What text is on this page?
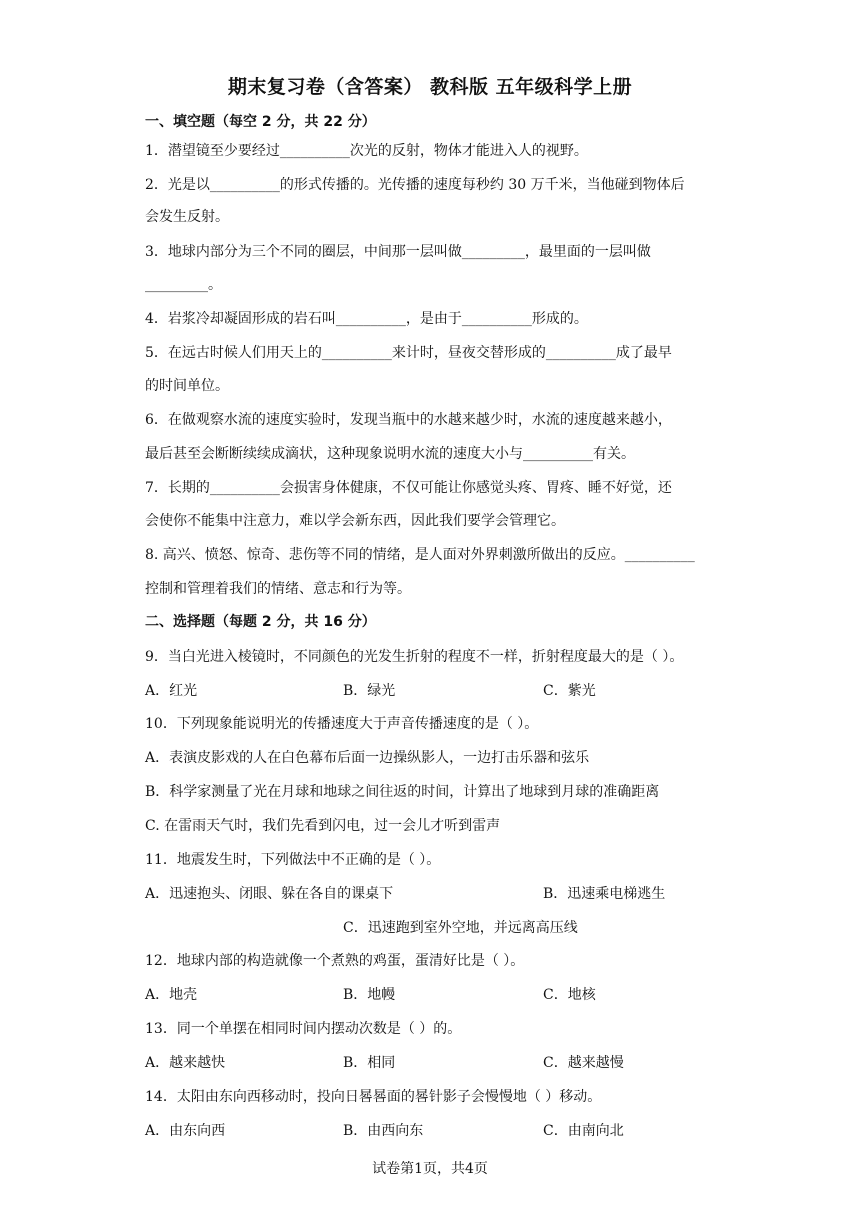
期末复习卷（含答案） 教科版 五年级科学上册
一、填空题（每空 2 分，共 22 分）
1．潜望镜至少要经过__________次光的反射，物体才能进入人的视野。
2．光是以__________的形式传播的。光传播的速度每秒约 30 万千米，当他碰到物体后
会发生反射。
3．地球内部分为三个不同的圈层，中间那一层叫做_________，最里面的一层叫做
_________。
4．岩浆冷却凝固形成的岩石叫__________，是由于__________形成的。
5．在远古时候人们用天上的__________来计时，昼夜交替形成的__________成了最早
的时间单位。
6．在做观察水流的速度实验时，发现当瓶中的水越来越少时，水流的速度越来越小，
最后甚至会断断续续成滴状，这种现象说明水流的速度大小与__________有关。
7．长期的__________会损害身体健康，不仅可能让你感觉头疼、胃疼、睡不好觉，还
会使你不能集中注意力，难以学会新东西，因此我们要学会管理它。
8. 高兴、愤怒、惊奇、悲伤等不同的情绪，是人面对外界刺激所做出的反应。__________
控制和管理着我们的情绪、意志和行为等。
二、选择题（每题 2 分，共 16 分）
9．当白光进入棱镜时，不同颜色的光发生折射的程度不一样，折射程度最大的是（ ）。
A．红光	B．绿光	C．紫光
10．下列现象能说明光的传播速度大于声音传播速度的是（ ）。
A．表演皮影戏的人在白色幕布后面一边操纵影人，一边打击乐器和弦乐
B．科学家测量了光在月球和地球之间往返的时间，计算出了地球到月球的准确距离
C. 在雷雨天气时，我们先看到闪电，过一会儿才听到雷声
11．地震发生时，下列做法中不正确的是（ ）。
A．迅速抱头、闭眼、躲在各自的课桌下	B．迅速乘电梯逃生
C．迅速跑到室外空地，并远离高压线
12．地球内部的构造就像一个煮熟的鸡蛋，蛋清好比是（ ）。
A．地壳	B．地幔	C．地核
13．同一个单摆在相同时间内摆动次数是（ ）的。
A．越来越快	B．相同	C．越来越慢
14．太阳由东向西移动时，投向日晷晷面的晷针影子会慢慢地（ ）移动。
A．由东向西	B．由西向东	C．由南向北
试卷第1页，共4页
